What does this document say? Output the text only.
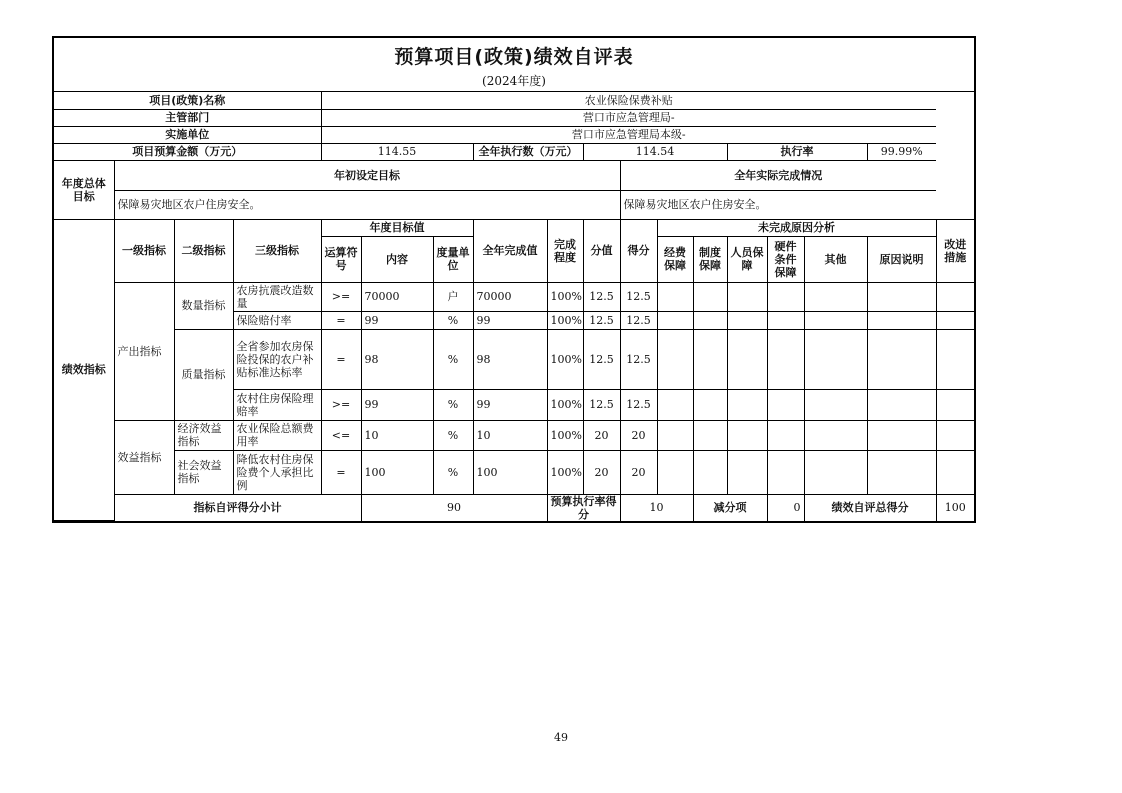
预算项目(政策)绩效自评表
(2024年度)
项目(政策)名称				农业保险保费补贴													
主管部门				营口市应急管理局-													
实施单位				营口市应急管理局本级-													
项目预算金额（万元）				114.55			全年执行数（万元）		114.54				执行率			99.99%	
年度总体目标	年初设定目标									全年实际完成情况							
	保障易灾地区农户住房安全。									保障易灾地区农户住房安全。							
绩效指标	一级指标	二级指标	三级指标	年度目标值			全年完成值	完成程度	分值	得分	未完成原因分析						改进措施
				运算符号	内容	度量单位					经费保障	制度保障	人员保障	硬件条件保障	其他	原因说明	
	产出指标	数量指标	农房抗震改造数量	>=	70000	户	70000	100%	12.5	12.5							
			保险赔付率	=	99	%	99	100%	12.5	12.5							
		质量指标	全省参加农房保险投保的农户补贴标准达标率	=	98	%	98	100%	12.5	12.5							
			农村住房保险理赔率	>=	99	%	99	100%	12.5	12.5							
	效益指标	经济效益指标	农业保险总额费用率	<=	10	%	10	100%	20	20							
		社会效益指标	降低农村住房保险费个人承担比例	=	100	%	100	100%	20	20							
	指标自评得分小计				90			预算执行率得分		10		减分项		0	绩效自评总得分		100
49
